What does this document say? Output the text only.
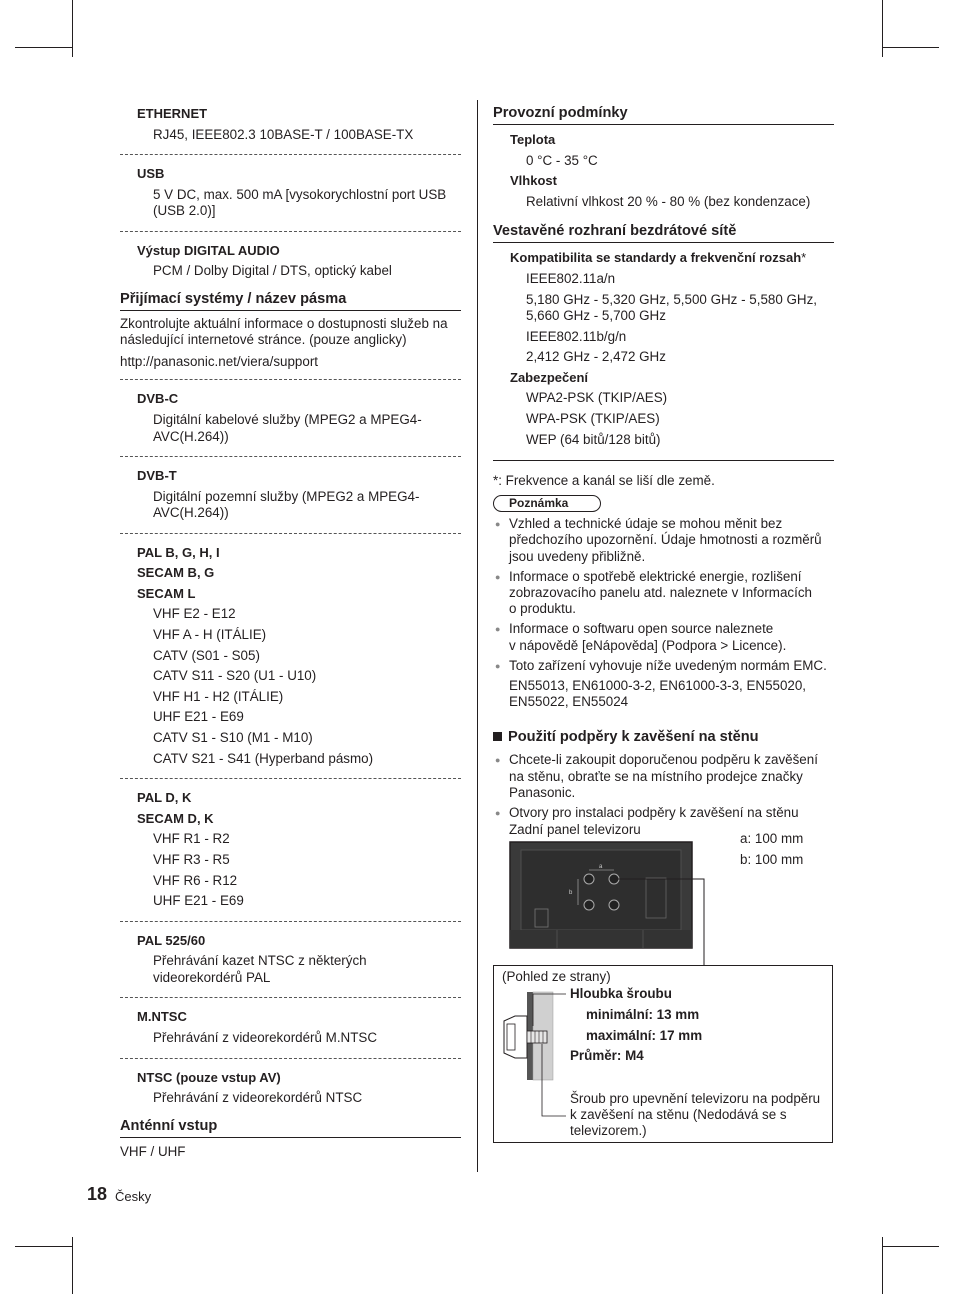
ETHERNET
RJ45, IEEE802.3 10BASE-T / 100BASE-TX
USB
5 V DC, max. 500 mA [vysokorychlostní port USB
(USB 2.0)]
Výstup DIGITAL AUDIO
PCM / Dolby Digital / DTS, optický kabel
Přijímací systémy / název pásma
Zkontrolujte aktuální informace o dostupnosti služeb na
následující internetové stránce. (pouze anglicky)
http://panasonic.net/viera/support
DVB-C
Digitální kabelové služby (MPEG2 a MPEG4-
AVC(H.264))
DVB-T
Digitální pozemní služby (MPEG2 a MPEG4-
AVC(H.264))
PAL B, G, H, I
SECAM B, G
SECAM L
VHF E2 - E12
VHF A - H (ITÁLIE)
CATV (S01 - S05)
CATV S11 - S20 (U1 - U10)
VHF H1 - H2 (ITÁLIE)
UHF E21 - E69
CATV S1 - S10 (M1 - M10)
CATV S21 - S41 (Hyperband pásmo)
PAL D, K
SECAM D, K
VHF R1 - R2
VHF R3 - R5
VHF R6 - R12
UHF E21 - E69
PAL 525/60
Přehrávání kazet NTSC z některých
videorekordérů PAL
M.NTSC
Přehrávání z videorekordérů M.NTSC
NTSC (pouze vstup AV)
Přehrávání z videorekordérů NTSC
Anténní vstup
VHF / UHF
Provozní podmínky
Teplota
0 °C - 35 °C
Vlhkost
Relativní vlhkost 20 % - 80 % (bez kondenzace)
Vestavěné rozhraní bezdrátové sítě
Kompatibilita se standardy a frekvenční rozsah*
IEEE802.11a/n
5,180 GHz - 5,320 GHz, 5,500 GHz - 5,580 GHz,
5,660 GHz - 5,700 GHz
IEEE802.11b/g/n
2,412 GHz - 2,472 GHz
Zabezpečení
WPA2-PSK (TKIP/AES)
WPA-PSK (TKIP/AES)
WEP (64 bitů/128 bitů)
*: Frekvence a kanál se liší dle země.
Poznámka
● Vzhled a technické údaje se mohou měnit bez
předchozího upozornění. Údaje hmotnosti a rozměrů
jsou uvedeny přibližně.
● Informace o spotřebě elektrické energie, rozlišení
zobrazovacího panelu atd. naleznete v Informacích
o produktu.
● Informace o softwaru open source naleznete
v nápovědě [eNápověda] (Podpora > Licence).
● Toto zařízení vyhovuje níže uvedeným normám EMC.
EN55013, EN61000-3-2, EN61000-3-3, EN55020,
EN55022, EN55024
Použití podpěry k zavěšení na stěnu
● Chcete-li zakoupit doporučenou podpěru k zavěšení
na stěnu, obraťte se na místního prodejce značky
Panasonic.
● Otvory pro instalaci podpěry k zavěšení na stěnu
Zadní panel televizoru
a: 100 mm
b: 100 mm
a
b
(Pohled ze strany)
Hloubka šroubu
minimální: 13 mm
maximální: 17 mm
Průměr: M4
Šroub pro upevnění televizoru na podpěru
k zavěšení na stěnu (Nedodává se s
televizorem.)
18 Česky
